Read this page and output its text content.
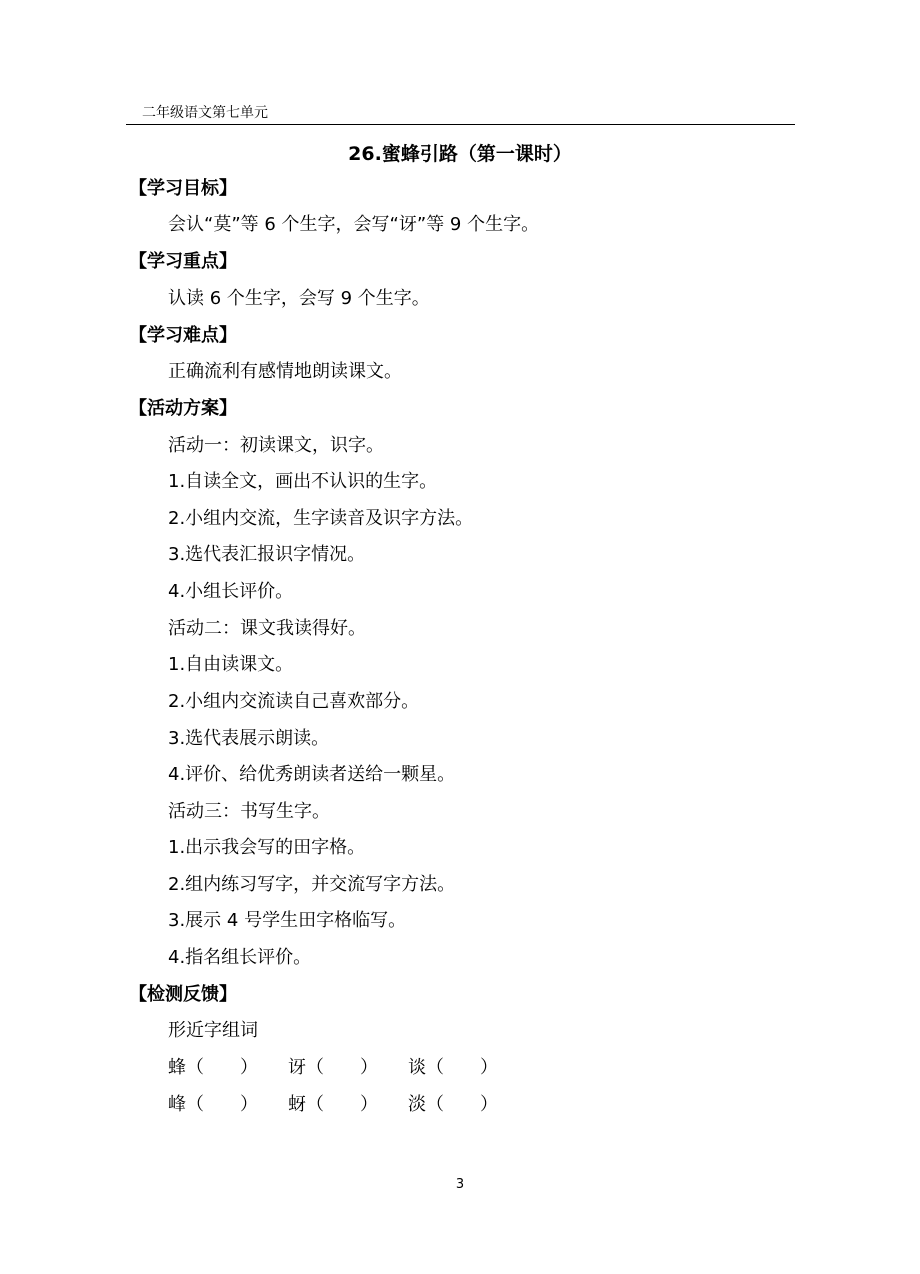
二年级语文第七单元
26.蜜蜂引路（第一课时）
【学习目标】
会认“莫”等 6 个生字，会写“讶”等 9 个生字。
【学习重点】
认读 6 个生字，会写 9 个生字。
【学习难点】
正确流利有感情地朗读课文。
【活动方案】
活动一：初读课文，识字。
1.自读全文，画出不认识的生字。
2.小组内交流，生字读音及识字方法。
3.选代表汇报识字情况。
4.小组长评价。
活动二：课文我读得好。
1.自由读课文。
2.小组内交流读自己喜欢部分。
3.选代表展示朗读。
4.评价、给优秀朗读者送给一颗星。
活动三：书写生字。
1.出示我会写的田字格。
2.组内练习写字，并交流写字方法。
3.展示 4 号学生田字格临写。
4.指名组长评价。
【检测反馈】
形近字组词

蜂（　　）

讶（　　）

谈（　　）

峰（　　）

蚜（　　）

淡（　　）

3
